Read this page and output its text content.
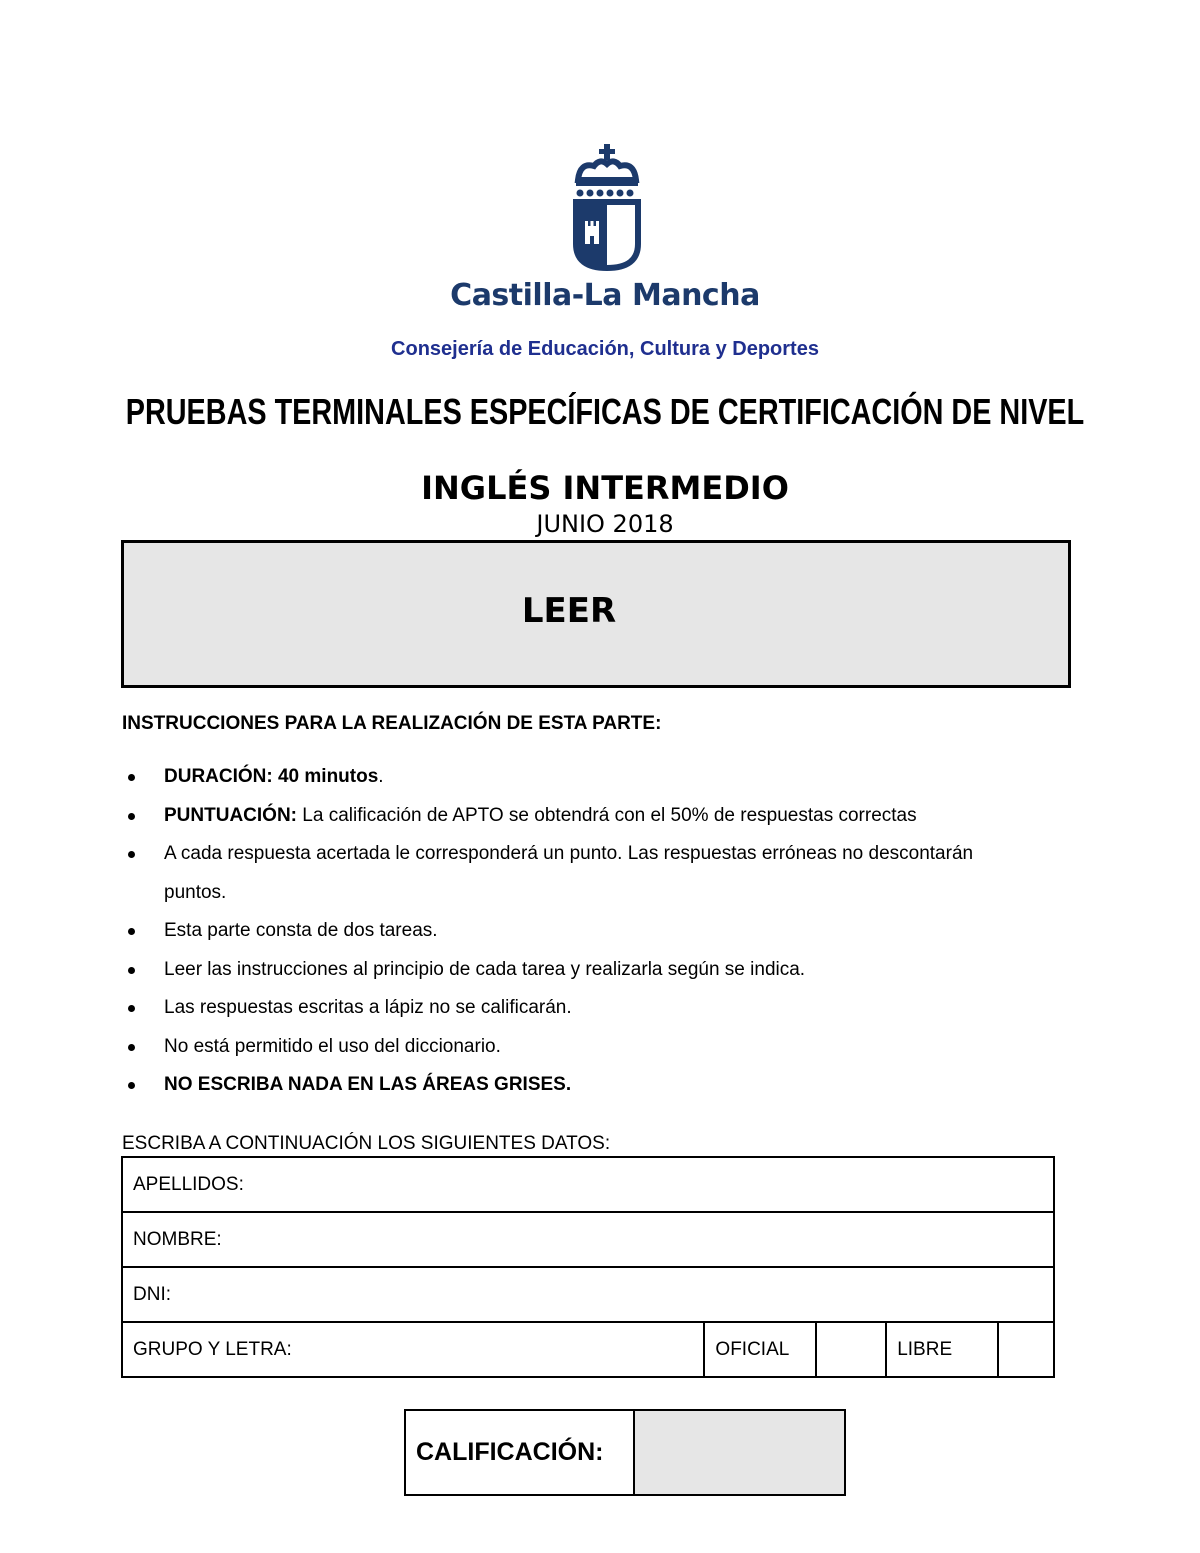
Castilla-La Mancha
Consejería de Educación, Cultura y Deportes
PRUEBAS TERMINALES ESPECÍFICAS DE CERTIFICACIÓN DE NIVEL
INGLÉS INTERMEDIO
JUNIO 2018
LEER
INSTRUCCIONES PARA LA REALIZACIÓN DE ESTA PARTE:
DURACIÓN: 40 minutos.
PUNTUACIÓN: La calificación de APTO se obtendrá con el 50% de respuestas correctas
A cada respuesta acertada le corresponderá un punto. Las respuestas erróneas no descontarán
puntos.
Esta parte consta de dos tareas.
Leer las instrucciones al principio de cada tarea y realizarla según se indica.
Las respuestas escritas a lápiz no se calificarán.
No está permitido el uso del diccionario.
NO ESCRIBA NADA EN LAS ÁREAS GRISES.
ESCRIBA A CONTINUACIÓN LOS SIGUIENTES DATOS:
APELLIDOS:
NOMBRE:
DNI:
GRUPO Y LETRA:	OFICIAL		LIBRE	
CALIFICACIÓN:	
